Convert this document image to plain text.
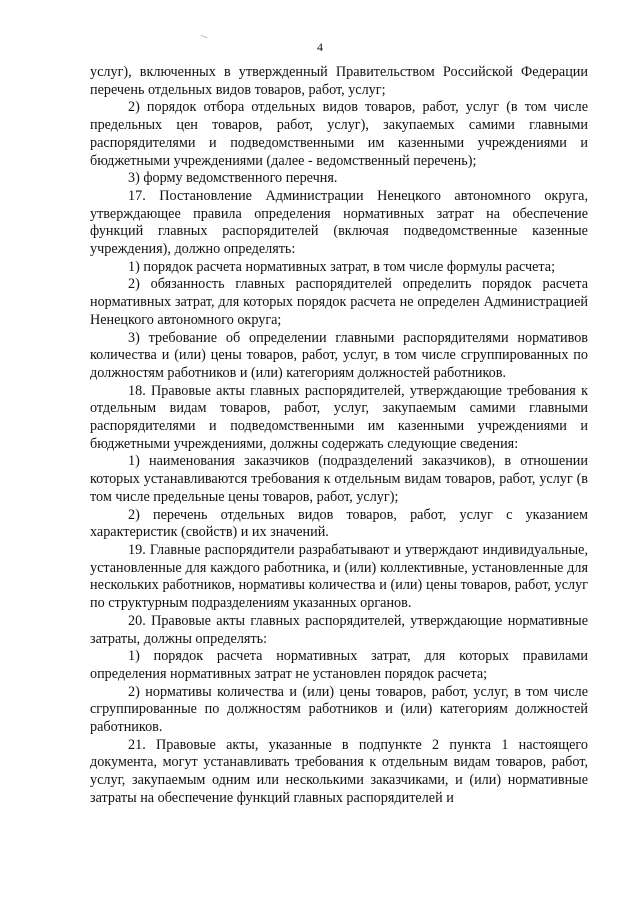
4

услуг), включенных в утвержденный Правительством Российской Федерации перечень отдельных видов товаров, работ, услуг;

2) порядок отбора отдельных видов товаров, работ, услуг (в том числе предельных цен товаров, работ, услуг), закупаемых самими главными распорядителями и подведомственными им казенными учреждениями и бюджетными учреждениями (далее - ведомственный перечень);

3) форму ведомственного перечня.

17. Постановление Администрации Ненецкого автономного округа, утверждающее правила определения нормативных затрат на обеспечение функций главных распорядителей (включая подведомственные казенные учреждения), должно определять:

1) порядок расчета нормативных затрат, в том числе формулы расчета;

2) обязанность главных распорядителей определить порядок расчета нормативных затрат, для которых порядок расчета не определен Администрацией Ненецкого автономного округа;

3) требование об определении главными распорядителями нормативов количества и (или) цены товаров, работ, услуг, в том числе сгруппированных по должностям работников и (или) категориям должностей работников.

18. Правовые акты главных распорядителей, утверждающие требования к отдельным видам товаров, работ, услуг, закупаемым самими главными распорядителями и подведомственными им казенными учреждениями и бюджетными учреждениями, должны содержать следующие сведения:

1) наименования заказчиков (подразделений заказчиков), в отношении которых устанавливаются требования к отдельным видам товаров, работ, услуг (в том числе предельные цены товаров, работ, услуг);

2) перечень отдельных видов товаров, работ, услуг с указанием характеристик (свойств) и их значений.

19. Главные распорядители разрабатывают и утверждают индивидуальные, установленные для каждого работника, и (или) коллективные, установленные для нескольких работников, нормативы количества и (или) цены товаров, работ, услуг по структурным подразделениям указанных органов.

20. Правовые акты главных распорядителей, утверждающие нормативные затраты, должны определять:

1) порядок расчета нормативных затрат, для которых правилами определения нормативных затрат не установлен порядок расчета;

2) нормативы количества и (или) цены товаров, работ, услуг, в том числе сгруппированные по должностям работников и (или) категориям должностей работников.

21. Правовые акты, указанные в подпункте 2 пункта 1 настоящего документа, могут устанавливать требования к отдельным видам товаров, работ, услуг, закупаемым одним или несколькими заказчиками, и (или) нормативные затраты на обеспечение функций главных распорядителей и
